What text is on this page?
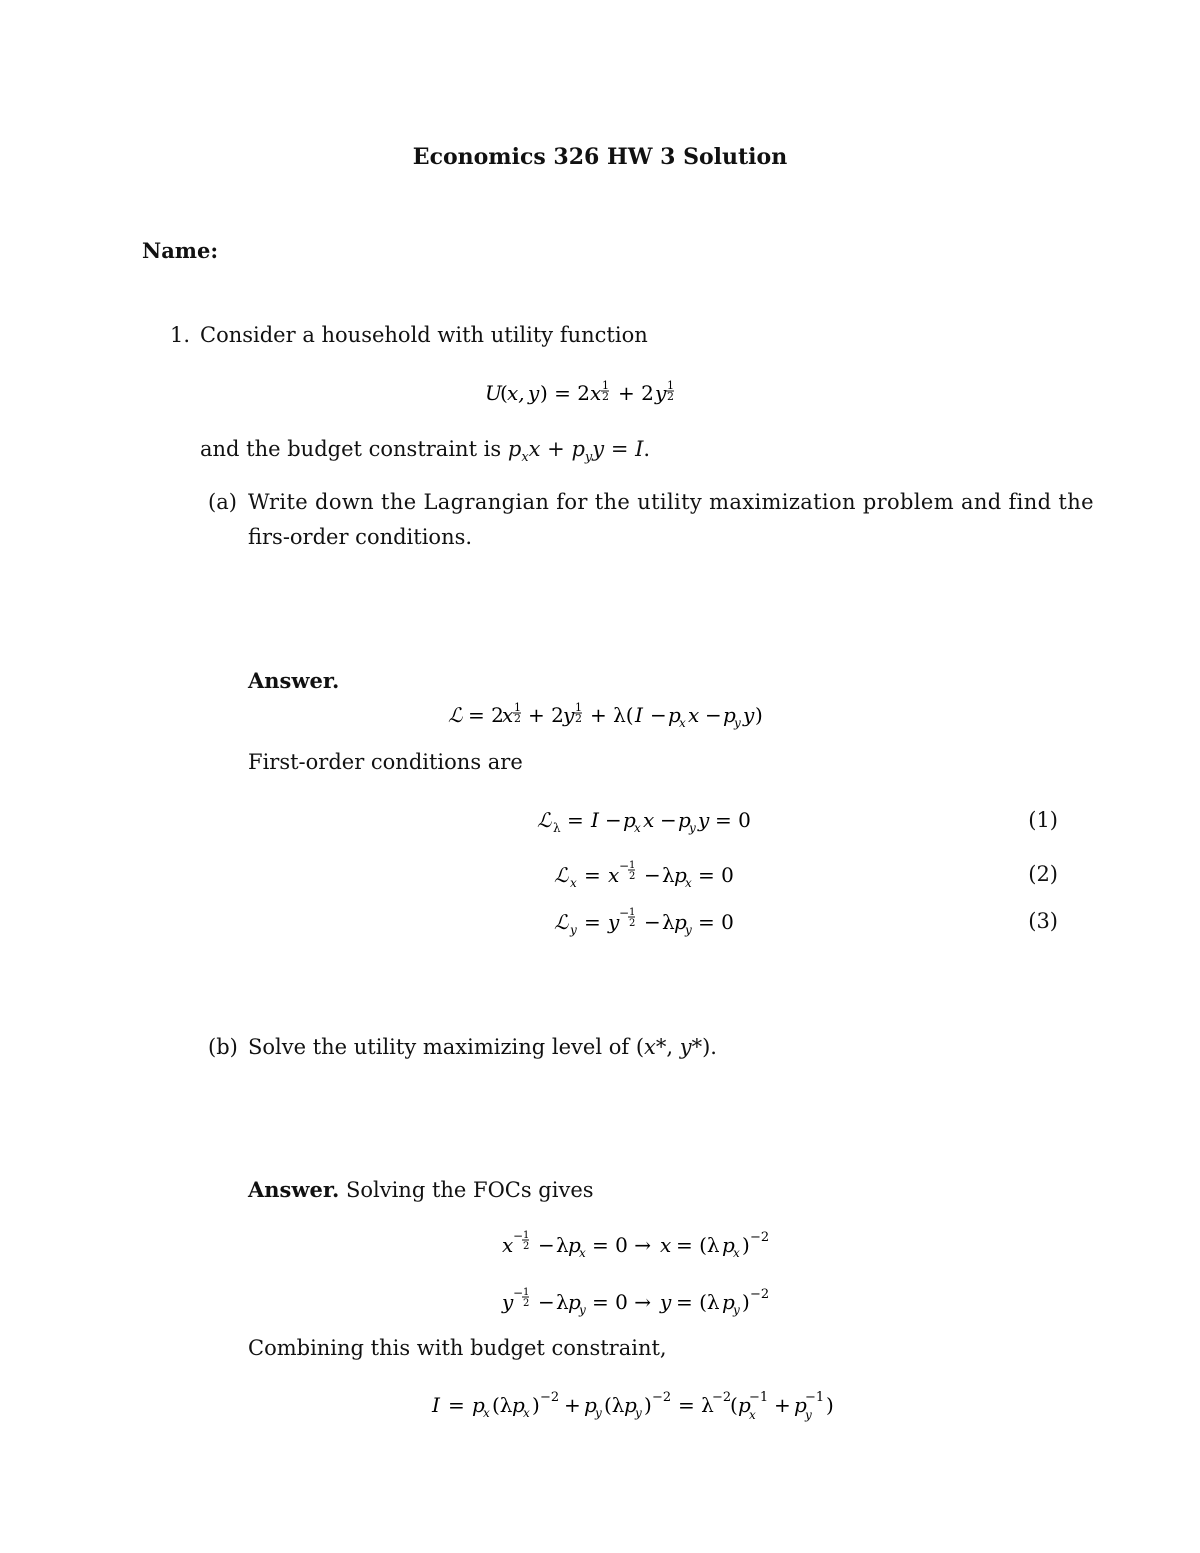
Economics 326 HW 3 Solution
Name:
1. Consider a household with utility function
U
( x, y ) = 2 x 1
2 + 2 y 1
2
and the budget constraint is $p_xx + p_yy = I$.
(a) Write down the Lagrangian for the utility maximization problem and find the
firs-order conditions.
Answer.
ℒ = 2
x 1
2 + 2 y 1
2 + λ( I − p
x x − p
y y )
First-order conditions are
ℒ λ = I − p
x x − p
y y = 0	(1)
ℒ x = x − 1
2 − λ p
x = 0	(2)
ℒ y = y − 1
2 − λ p
y = 0	(3)
(b) Solve the utility maximizing level of (x*, y*).
Answer. Solving the FOCs gives
x − 1
2 − λ p
x = 0 → x = (λ p
x ) −2
y − 1
2 − λ p
y = 0 → y = (λ p
y ) −2
Combining this with budget constraint,
I = p
x (λ p
x ) −2 + p
y (λ p
y ) −2 = λ
−2
( p
x
−1 + p
y
−1 )
